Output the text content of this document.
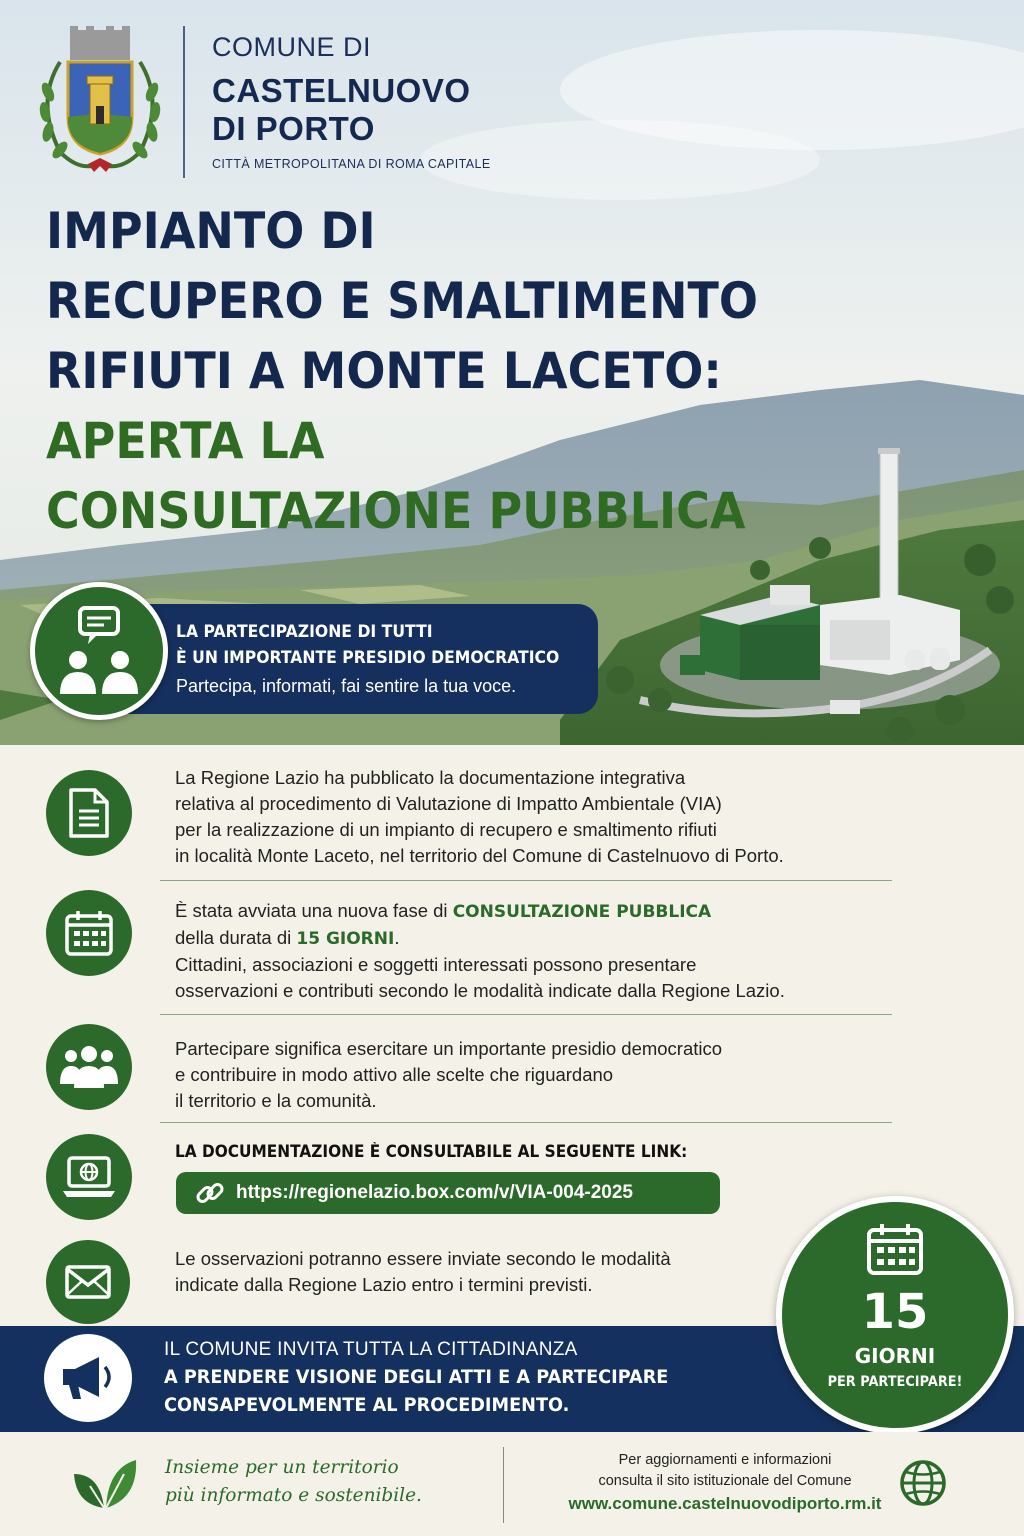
COMUNE DI
CASTELNUOVO
DI PORTO
CITTÀ METROPOLITANA DI ROMA CAPITALE
IMPIANTO DI
RECUPERO E SMALTIMENTO
RIFIUTI A MONTE LACETO:
APERTA LA
CONSULTAZIONE PUBBLICA
LA PARTECIPAZIONE DI TUTTI
È UN IMPORTANTE PRESIDIO DEMOCRATICO
Partecipa, informati, fai sentire la tua voce.
La Regione Lazio ha pubblicato la documentazione integrativa
relativa al procedimento di Valutazione di Impatto Ambientale (VIA)
per la realizzazione di un impianto di recupero e smaltimento rifiuti
in località Monte Laceto, nel territorio del Comune di Castelnuovo di Porto.
È stata avviata una nuova fase di CONSULTAZIONE PUBBLICA
della durata di 15 GIORNI.
Cittadini, associazioni e soggetti interessati possono presentare
osservazioni e contributi secondo le modalità indicate dalla Regione Lazio.
Partecipare significa esercitare un importante presidio democratico
e contribuire in modo attivo alle scelte che riguardano
il territorio e la comunità.
LA DOCUMENTAZIONE È CONSULTABILE AL SEGUENTE LINK:
https://regionelazio.box.com/v/VIA-004-2025
Le osservazioni potranno essere inviate secondo le modalità
indicate dalla Regione Lazio entro i termini previsti.
IL COMUNE INVITA TUTTA LA CITTADINANZA
A PRENDERE VISIONE DEGLI ATTI E A PARTECIPARE
CONSAPEVOLMENTE AL PROCEDIMENTO.
15
GIORNI
PER PARTECIPARE!
Insieme per un territorio
più informato e sostenibile.
Per aggiornamenti e informazioni
consulta il sito istituzionale del Comune
www.comune.castelnuovodiporto.rm.it
